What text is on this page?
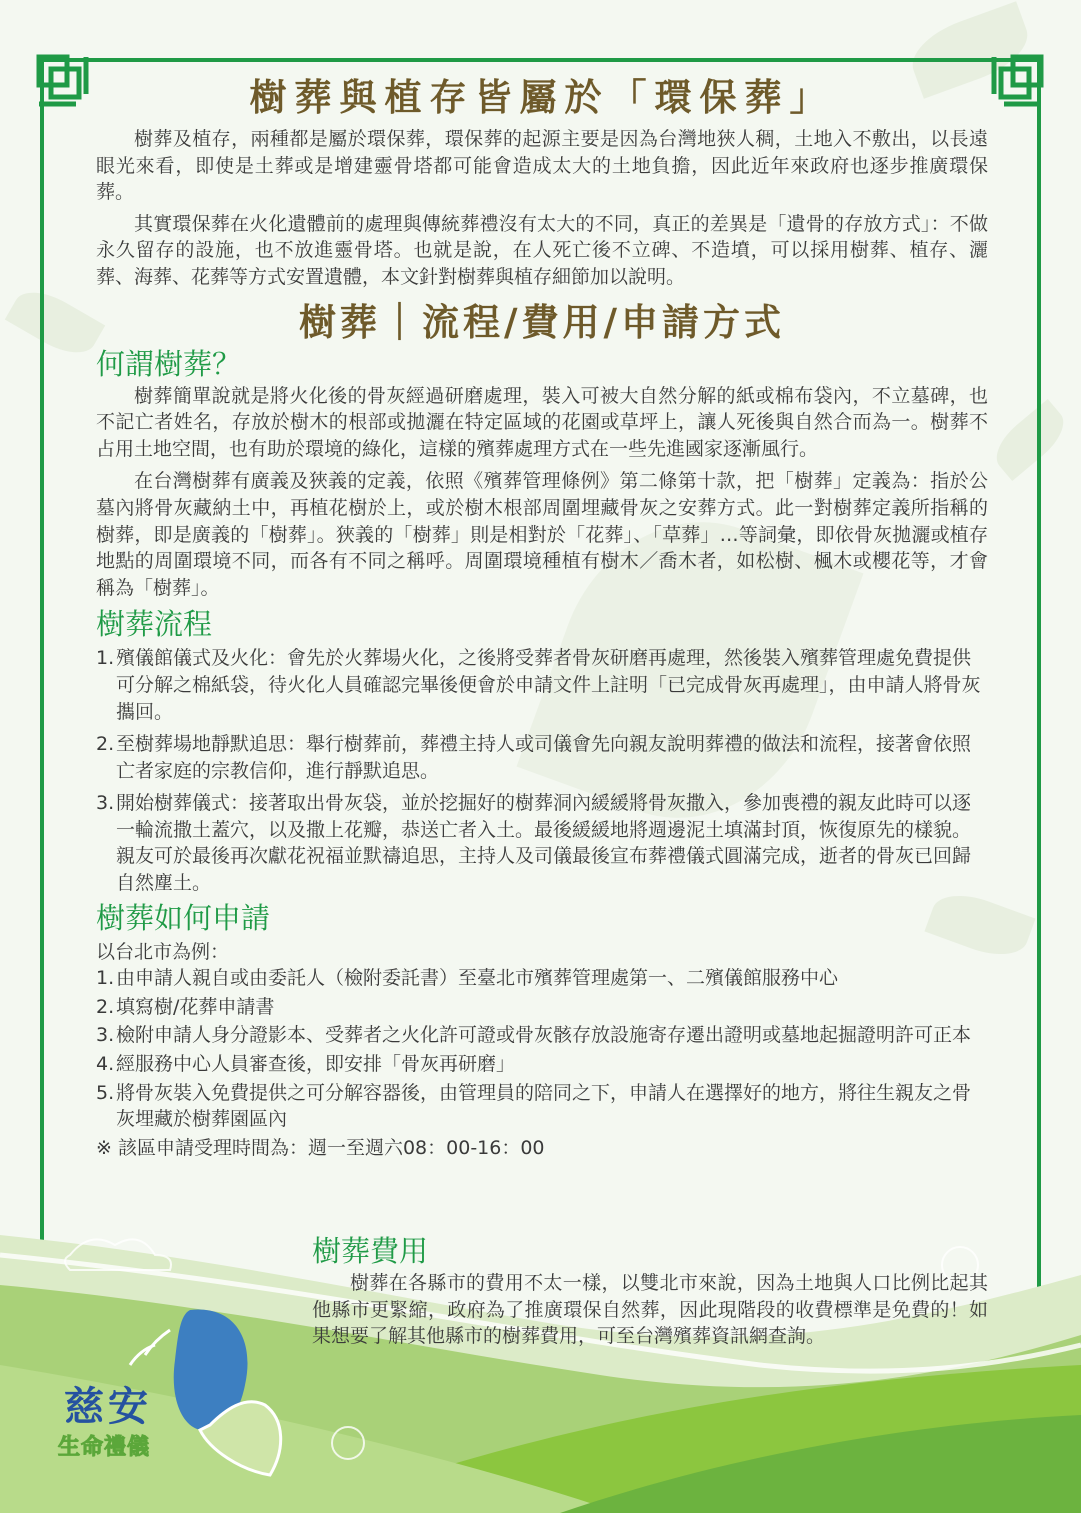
慈安
生命禮儀
樹葬與植存皆屬於「環保葬」

樹葬及植存，兩種都是屬於環保葬，環保葬的起源主要是因為台灣地狹人稠，土地入不敷出，以長遠眼光來看，即使是土葬或是增建靈骨塔都可能會造成太大的土地負擔，因此近年來政府也逐步推廣環保葬。

其實環保葬在火化遺體前的處理與傳統葬禮沒有太大的不同，真正的差異是「遺骨的存放方式」：不做永久留存的設施，也不放進靈骨塔。也就是說，在人死亡後不立碑、不造墳，可以採用樹葬、植存、灑葬、海葬、花葬等方式安置遺體，本文針對樹葬與植存細節加以說明。

樹葬｜流程/費用/申請方式
何謂樹葬？

樹葬簡單說就是將火化後的骨灰經過研磨處理，裝入可被大自然分解的紙或棉布袋內，不立墓碑，也不記亡者姓名，存放於樹木的根部或拋灑在特定區域的花園或草坪上，讓人死後與自然合而為一。樹葬不占用土地空間，也有助於環境的綠化，這樣的殯葬處理方式在一些先進國家逐漸風行。

在台灣樹葬有廣義及狹義的定義，依照《殯葬管理條例》第二條第十款，把「樹葬」定義為：指於公墓內將骨灰藏納土中，再植花樹於上，或於樹木根部周圍埋藏骨灰之安葬方式。此一對樹葬定義所指稱的樹葬，即是廣義的「樹葬」。狹義的「樹葬」則是相對於「花葬」、「草葬」…等詞彙，即依骨灰拋灑或植存地點的周圍環境不同，而各有不同之稱呼。周圍環境種植有樹木／喬木者，如松樹、楓木或櫻花等，才會稱為「樹葬」。

樹葬流程
1. 殯儀館儀式及火化：會先於火葬場火化，之後將受葬者骨灰研磨再處理，然後裝入殯葬管理處免費提供可分解之棉紙袋，待火化人員確認完畢後便會於申請文件上註明「已完成骨灰再處理」，由申請人將骨灰攜回。
2. 至樹葬場地靜默追思：舉行樹葬前，葬禮主持人或司儀會先向親友說明葬禮的做法和流程，接著會依照亡者家庭的宗教信仰，進行靜默追思。
3. 開始樹葬儀式：接著取出骨灰袋，並於挖掘好的樹葬洞內緩緩將骨灰撒入，參加喪禮的親友此時可以逐一輪流撒土蓋穴，以及撒上花瓣，恭送亡者入土。最後緩緩地將週邊泥土填滿封頂，恢復原先的樣貌。親友可於最後再次獻花祝福並默禱追思，主持人及司儀最後宣布葬禮儀式圓滿完成，逝者的骨灰已回歸自然塵土。
樹葬如何申請

以台北市為例：

1. 由申請人親自或由委託人（檢附委託書）至臺北市殯葬管理處第一、二殯儀館服務中心
2. 填寫樹/花葬申請書
3. 檢附申請人身分證影本、受葬者之火化許可證或骨灰骸存放設施寄存遷出證明或墓地起掘證明許可正本
4. 經服務中心人員審查後，即安排「骨灰再研磨」
5. 將骨灰裝入免費提供之可分解容器後，由管理員的陪同之下，申請人在選擇好的地方，將往生親友之骨灰埋藏於樹葬園區內

※ 該區申請受理時間為：週一至週六08：00-16：00

樹葬費用

樹葬在各縣市的費用不太一樣，以雙北市來說，因為土地與人口比例比起其他縣市更緊縮，政府為了推廣環保自然葬，因此現階段的收費標準是免費的！如果想要了解其他縣市的樹葬費用，可至台灣殯葬資訊網查詢。
